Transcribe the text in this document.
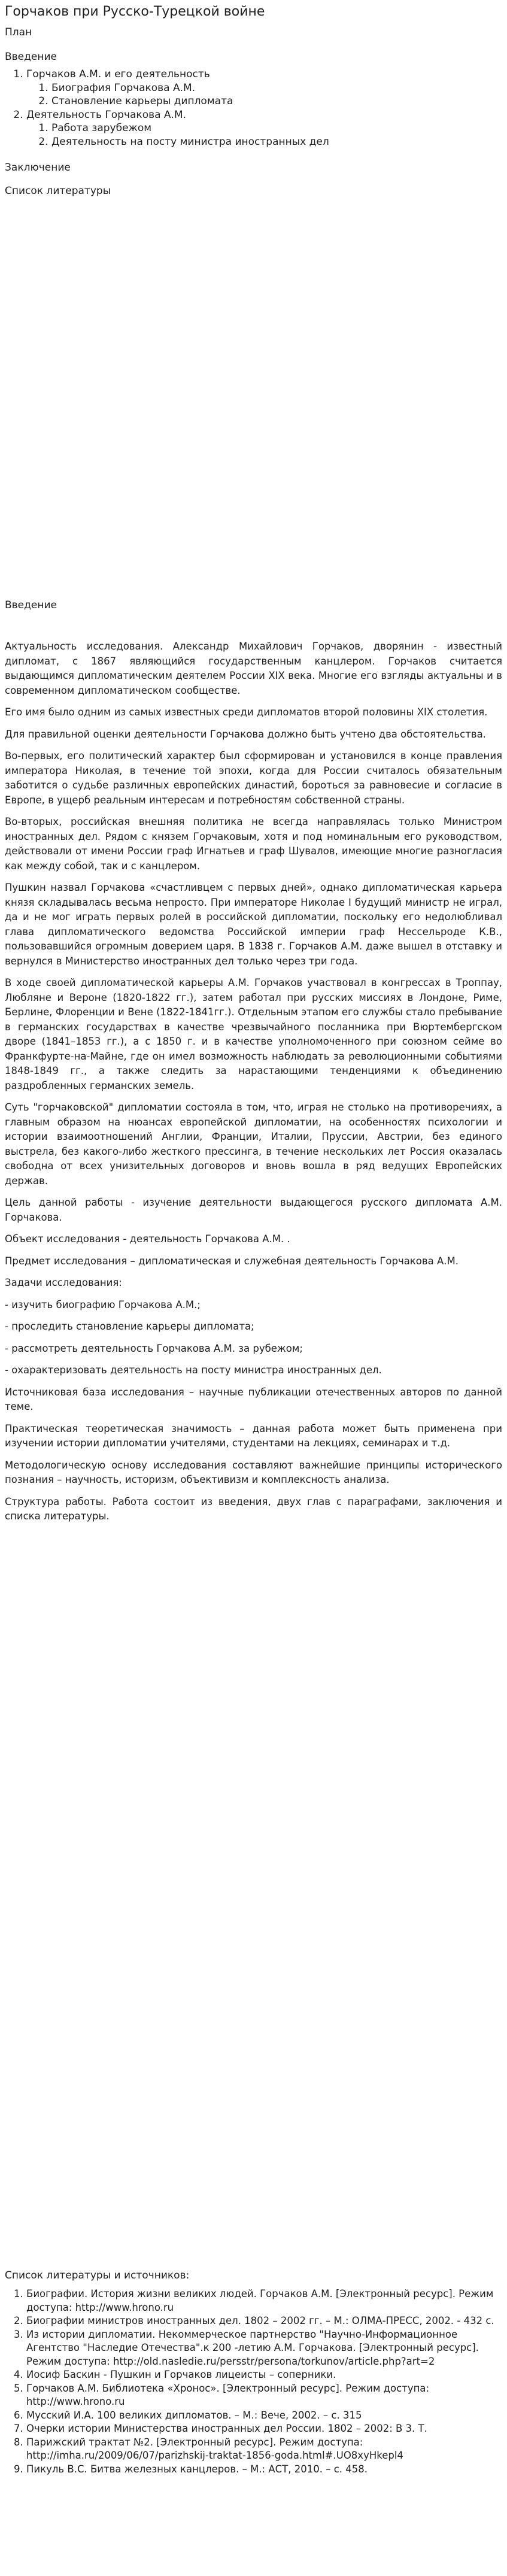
Горчаков при Русско-Турецкой войне
План
Введение
1. Горчаков А.М. и его деятельность
1. Биография Горчакова А.М.
2. Становление карьеры дипломата
2. Деятельность Горчакова А.М.
1. Работа зарубежом
2. Деятельность на посту министра иностранных дел
Заключение
Список литературы
Введение

Актуальность исследования. Александр Михайлович Горчаков, дворянин - известный дипломат, с 1867 являющийся государственным канцлером. Горчаков считается выдающимся дипломатическим деятелем России XIX века. Многие его взгляды актуальны и в современном дипломатическом сообществе.

Его имя было одним из самых известных среди дипломатов второй половины XIX столетия.

Для правильной оценки деятельности Горчакова должно быть учтено два обстоятельства.

Во-первых, его политический характер был сформирован и установился в конце правления императора Николая, в течение той эпохи, когда для России считалось обязательным заботится о судьбе различных европейских династий, бороться за равновесие и согласие в Европе, в ущерб реальным интересам и потребностям собственной страны.

Во-вторых, российская внешняя политика не всегда направлялась только Министром иностранных дел. Рядом с князем Горчаковым, хотя и под номинальным его руководством, действовали от имени России граф Игнатьев и граф Шувалов, имеющие многие разногласия как между собой, так и с канцлером.

Пушкин назвал Горчакова «счастливцем с первых дней», однако дипломатическая карьера князя складывалась весьма непросто. При императоре Николае I будущий министр не играл, да и не мог играть первых ролей в российской дипломатии, поскольку его недолюбливал глава дипломатического ведомства Российской империи граф Нессельроде К.В., пользовавшийся огромным доверием царя. В 1838 г. Горчаков А.М. даже вышел в отставку и вернулся в Министерство иностранных дел только через три года.

В ходе своей дипломатической карьеры А.М. Горчаков участвовал в конгрессах в Троппау, Любляне и Вероне (1820-1822 гг.), затем работал при русских миссиях в Лондоне, Риме, Берлине, Флоренции и Вене (1822-1841гг.). Отдельным этапом его службы стало пребывание в германских государствах в качестве чрезвычайного посланника при Вюртембергском дворе (1841–1853 гг.), а с 1850 г. и в качестве уполномоченного при союзном сейме во Франкфурте-на-Майне, где он имел возможность наблюдать за революционными событиями 1848-1849 гг., а также следить за нарастающими тенденциями к объединению раздробленных германских земель.

Суть "горчаковской" дипломатии состояла в том, что, играя не столько на противоречиях, а главным образом на нюансах европейской дипломатии, на особенностях психологии и истории взаимоотношений Англии, Франции, Италии, Пруссии, Австрии, без единого выстрела, без какого-либо жесткого прессинга, в течение нескольких лет Россия оказалась свободна от всех унизительных договоров и вновь вошла в ряд ведущих Европейских держав.

Цель данной работы - изучение деятельности выдающегося русского дипломата А.М. Горчакова.

Объект исследования - деятельность Горчакова А.М. .

Предмет исследования – дипломатическая и служебная деятельность Горчакова А.М.

Задачи исследования:

- изучить биографию Горчакова А.М.;

- проследить становление карьеры дипломата;

- рассмотреть деятельность Горчакова А.М. за рубежом;

- охарактеризовать деятельность на посту министра иностранных дел.

Источниковая база исследования – научные публикации отечественных авторов по данной теме.

Практическая теоретическая значимость – данная работа может быть применена при изучении истории дипломатии учителями, студентами на лекциях, семинарах и т.д.

Методологическую основу исследования составляют важнейшие принципы исторического познания – научность, историзм, объективизм и комплексность анализа.

Структура работы. Работа состоит из введения, двух глав с параграфами, заключения и списка литературы.

Список литературы и источников:
1. Биографии. История жизни великих людей. Горчаков А.М. [Электронный ресурс]. Режим доступа: http://www.hrono.ru
2. Биографии министров иностранных дел. 1802 – 2002 гг. – М.: ОЛМА-ПРЕСС, 2002. - 432 с.
3. Из истории дипломатии. Некоммерческое партнерство "Научно-Информационное Агентство "Наследие Отечества".к 200 -летию А.М. Горчакова. [Электронный ресурс]. Режим доступа: http://old.nasledie.ru/persstr/persona/torkunov/article.php?art=2
4. Иосиф Баскин - Пушкин и Горчаков лицеисты – соперники.
5. Горчаков А.М. Библиотека «Хронос». [Электронный ресурс]. Режим доступа: http://www.hrono.ru
6. Мусский И.А. 100 великих дипломатов. – М.: Вече, 2002. – с. 315
7. Очерки истории Министерства иностранных дел России. 1802 – 2002: В 3. Т.
8. Парижский трактат №2. [Электронный ресурс]. Режим доступа: http://imha.ru/2009/06/07/parizhskij-traktat-1856-goda.html#.UO8xyHkepl4
9. Пикуль В.С. Битва железных канцлеров. – М.: АСТ, 2010. – с. 458.
